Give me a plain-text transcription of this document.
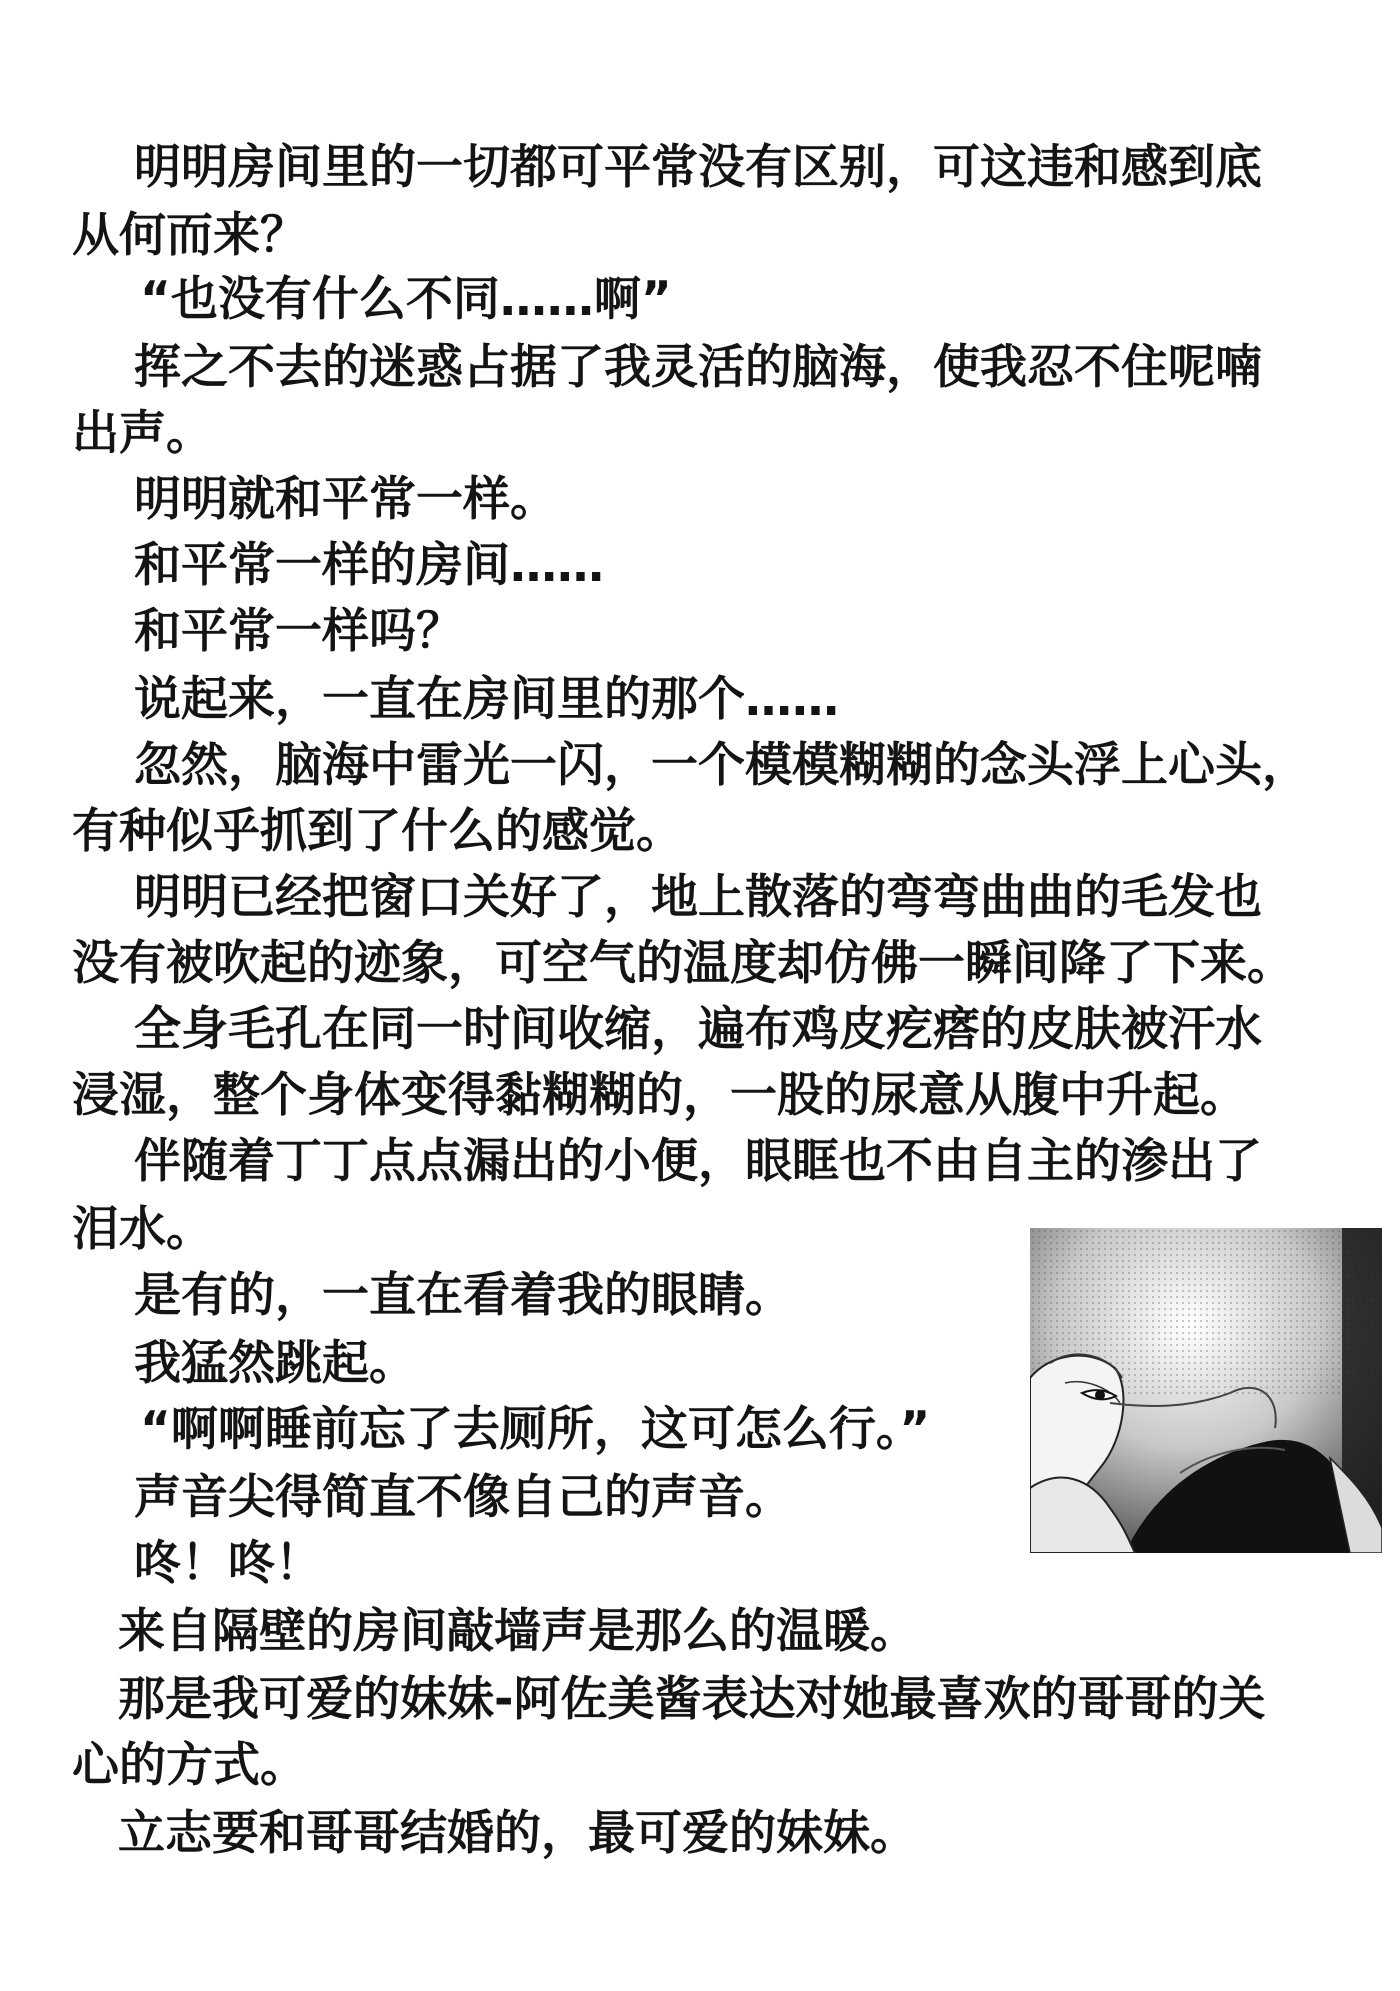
明明房间里的一切都可平常没有区别，可这违和感到底
从何而来？
“也没有什么不同……啊”
挥之不去的迷惑占据了我灵活的脑海，使我忍不住呢喃
出声。
明明就和平常一样。
和平常一样的房间……
和平常一样吗？
说起来，一直在房间里的那个……
忽然，脑海中雷光一闪，一个模模糊糊的念头浮上心头，
有种似乎抓到了什么的感觉。
明明已经把窗口关好了，地上散落的弯弯曲曲的毛发也
没有被吹起的迹象，可空气的温度却仿佛一瞬间降了下来。
全身毛孔在同一时间收缩，遍布鸡皮疙瘩的皮肤被汗水
浸湿，整个身体变得黏糊糊的，一股的尿意从腹中升起。
伴随着丁丁点点漏出的小便，眼眶也不由自主的渗出了
泪水。
是有的，一直在看着我的眼睛。
我猛然跳起。
“啊啊睡前忘了去厕所，这可怎么行。”
声音尖得简直不像自己的声音。
咚！咚！
来自隔壁的房间敲墙声是那么的温暖。
那是我可爱的妹妹-阿佐美酱表达对她最喜欢的哥哥的关
心的方式。
立志要和哥哥结婚的，最可爱的妹妹。
